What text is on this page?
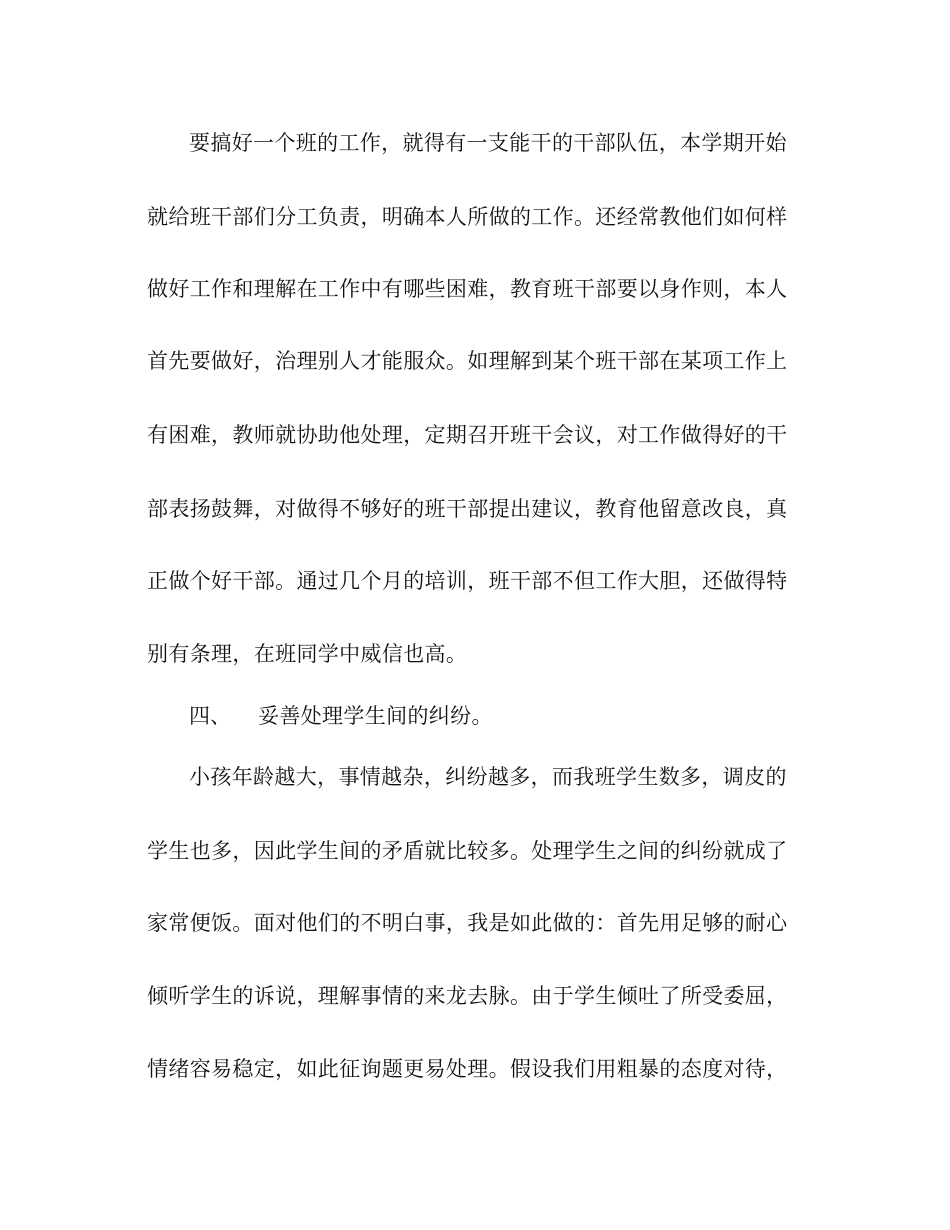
要搞好一个班的工作，就得有一支能干的干部队伍，本学期开始
就给班干部们分工负责，明确本人所做的工作。还经常教他们如何样
做好工作和理解在工作中有哪些困难，教育班干部要以身作则，本人
首先要做好，治理别人才能服众。如理解到某个班干部在某项工作上
有困难，教师就协助他处理，定期召开班干会议，对工作做得好的干
部表扬鼓舞，对做得不够好的班干部提出建议，教育他留意改良，真
正做个好干部。通过几个月的培训，班干部不但工作大胆，还做得特
别有条理，在班同学中威信也高。
四、 妥善处理学生间的纠纷。
小孩年龄越大，事情越杂，纠纷越多，而我班学生数多，调皮的
学生也多，因此学生间的矛盾就比较多。处理学生之间的纠纷就成了
家常便饭。面对他们的不明白事，我是如此做的：首先用足够的耐心
倾听学生的诉说，理解事情的来龙去脉。由于学生倾吐了所受委屈，
情绪容易稳定，如此征询题更易处理。假设我们用粗暴的态度对待，
